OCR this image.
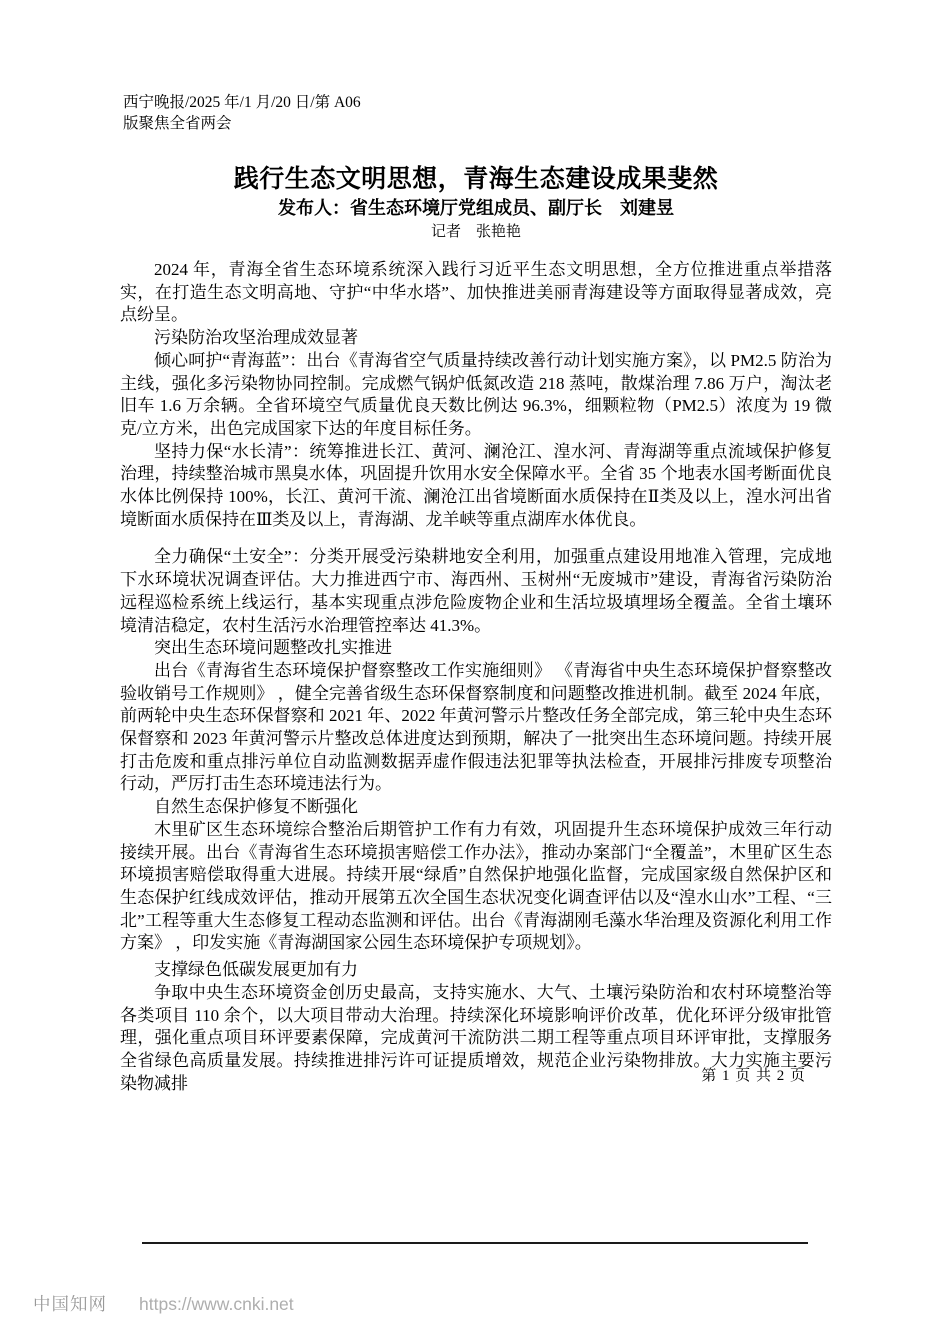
西宁晚报/2025 年/1 月/20 日/第 A06
版聚焦全省两会
践行生态文明思想，青海生态建设成果斐然
发布人：省生态环境厅党组成员、副厅长　刘建昱
记者　张艳艳

2024 年，青海全省生态环境系统深入践行习近平生态文明思想，全方位推进重点举措落实，在打造生态文明高地、守护“中华水塔”、加快推进美丽青海建设等方面取得显著成效，亮点纷呈。

污染防治攻坚治理成效显著

倾心呵护“青海蓝”：出台《青海省空气质量持续改善行动计划实施方案》，以 PM2.5 防治为主线，强化多污染物协同控制。完成燃气锅炉低氮改造 218 蒸吨，散煤治理 7.86 万户，淘汰老旧车 1.6 万余辆。全省环境空气质量优良天数比例达 96.3%，细颗粒物（PM2.5）浓度为 19 微克/立方米，出色完成国家下达的年度目标任务。

坚持力保“水长清”：统筹推进长江、黄河、澜沧江、湟水河、青海湖等重点流域保护修复治理，持续整治城市黑臭水体，巩固提升饮用水安全保障水平。全省 35 个地表水国考断面优良水体比例保持 100%，长江、黄河干流、澜沧江出省境断面水质保持在Ⅱ类及以上，湟水河出省境断面水质保持在Ⅲ类及以上，青海湖、龙羊峡等重点湖库水体优良。

全力确保“土安全”：分类开展受污染耕地安全利用，加强重点建设用地准入管理，完成地下水环境状况调查评估。大力推进西宁市、海西州、玉树州“无废城市”建设，青海省污染防治远程巡检系统上线运行，基本实现重点涉危险废物企业和生活垃圾填埋场全覆盖。全省土壤环境清洁稳定，农村生活污水治理管控率达 41.3%。

突出生态环境问题整改扎实推进

出台《青海省生态环境保护督察整改工作实施细则》 《青海省中央生态环境保护督察整改验收销号工作规则》 ，健全完善省级生态环保督察制度和问题整改推进机制。截至 2024 年底，前两轮中央生态环保督察和 2021 年、2022 年黄河警示片整改任务全部完成，第三轮中央生态环保督察和 2023 年黄河警示片整改总体进度达到预期，解决了一批突出生态环境问题。持续开展打击危废和重点排污单位自动监测数据弄虚作假违法犯罪等执法检查，开展排污排废专项整治行动，严厉打击生态环境违法行为。

自然生态保护修复不断强化

木里矿区生态环境综合整治后期管护工作有力有效，巩固提升生态环境保护成效三年行动接续开展。出台《青海省生态环境损害赔偿工作办法》，推动办案部门“全覆盖”，木里矿区生态环境损害赔偿取得重大进展。持续开展“绿盾”自然保护地强化监督，完成国家级自然保护区和生态保护红线成效评估，推动开展第五次全国生态状况变化调查评估以及“湟水山水”工程、“三北”工程等重大生态修复工程动态监测和评估。出台《青海湖刚毛藻水华治理及资源化利用工作方案》 ，印发实施《青海湖国家公园生态环境保护专项规划》。

支撑绿色低碳发展更加有力

争取中央生态环境资金创历史最高，支持实施水、大气、土壤污染防治和农村环境整治等各类项目 110 余个，以大项目带动大治理。持续深化环境影响评价改革，优化环评分级审批管理，强化重点项目环评要素保障，完成黄河干流防洪二期工程等重点项目环评审批，支撑服务全省绿色高质量发展。持续推进排污许可证提质增效，规范企业污染物排放。大力实施主要污染物减排	第 1 页 共 2 页
中国知网 https://www.cnki.net
